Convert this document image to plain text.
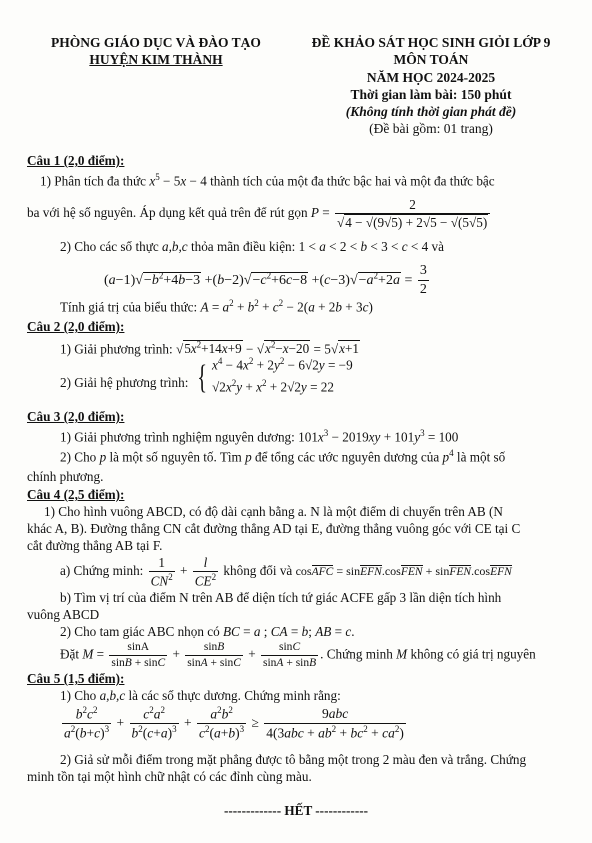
PHÒNG GIÁO DỤC VÀ ĐÀO TẠO
HUYỆN KIM THÀNH
ĐỀ KHẢO SÁT HỌC SINH GIỎI LỚP 9
MÔN TOÁN
NĂM HỌC 2024-2025
Thời gian làm bài: 150 phút
(Không tính thời gian phát đề)
(Đề bài gồm: 01 trang)
Câu 1 (2,0 điểm):
1) Phân tích đa thức $x^5 - 5x - 4$ thành tích của một đa thức bậc hai và một đa thức bậc
ba với hệ số nguyên. Áp dụng kết quả trên để rút gọn $P = \frac{2}{√4 - √(9√5) + 2√5 - √(5√5)}$
2) Cho các số thực a,b,c thỏa mãn điều kiện: 1 < a < 2 < b < 3 < c < 4 và
$(a-1)√-b^2+4b-3 +(b-2)√-c^2+6c-8 +(c-3)√-a^2+2a = \frac{3}{2}$
Tính giá trị của biểu thức: $A = a^2 + b^2 + c^2 - 2(a + 2b + 3c)$
Câu 2 (2,0 điểm):
1) Giải phương trình: $√5x^2+14x+9 - √x^2-x-20 = 5√x+1$
2) Giải hệ phương trình: { $x^4 - 4x^2 + 2y^2 - 6√2y = -9$
$√2x^2y + x^2 + 2√2y = 22$
Câu 3 (2,0 điểm):
1) Giải phương trình nghiệm nguyên dương: $101x^3 - 2019xy + 101y^3 = 100$
2) Cho p là một số nguyên tố. Tìm p để tổng các ước nguyên dương của $p^4$ là một số
chính phương.
Câu 4 (2,5 điểm):
1) Cho hình vuông ABCD, có độ dài cạnh bằng a. N là một điểm di chuyển trên AB (N
khác A, B). Đường thẳng CN cắt đường thẳng AD tại E, đường thẳng vuông góc với CE tại C
cắt đường thẳng AB tại F.
a) Chứng minh: $\frac{1}{CN^2} + \frac{l}{CE^2}$ không đổi và cosAFC = sinEFN.cosFEN + sinFEN.cosEFN
b) Tìm vị trí của điểm N trên AB để diện tích tứ giác ACFE gấp 3 lần diện tích hình
vuông ABCD
2) Cho tam giác ABC nhọn có BC = a ; CA = b; AB = c.
Đặt $M = \frac{\sin A}{\sin B + \sin C} + \frac{\sin B}{\sin A + \sin C} + \frac{\sin C}{\sin A + \sin B}$ . Chứng minh M không có giá trị nguyên
Câu 5 (1,5 điểm):
1) Cho a,b,c là các số thực dương. Chứng minh rằng:
$\frac{b^2c^2}{a^2(b+c)^3} + \frac{c^2a^2}{b^2(c+a)^3} + \frac{a^2b^2}{c^2(a+b)^3} \ge \frac{\text{9abc}}{4(3abc + ab^2 + bc^2 + ca^2)}$
2) Giả sử mỗi điểm trong mặt phẳng được tô bằng một trong 2 màu đen và trắng. Chứng
minh tồn tại một hình chữ nhật có các đỉnh cùng màu.
------------- HẾT ------------
